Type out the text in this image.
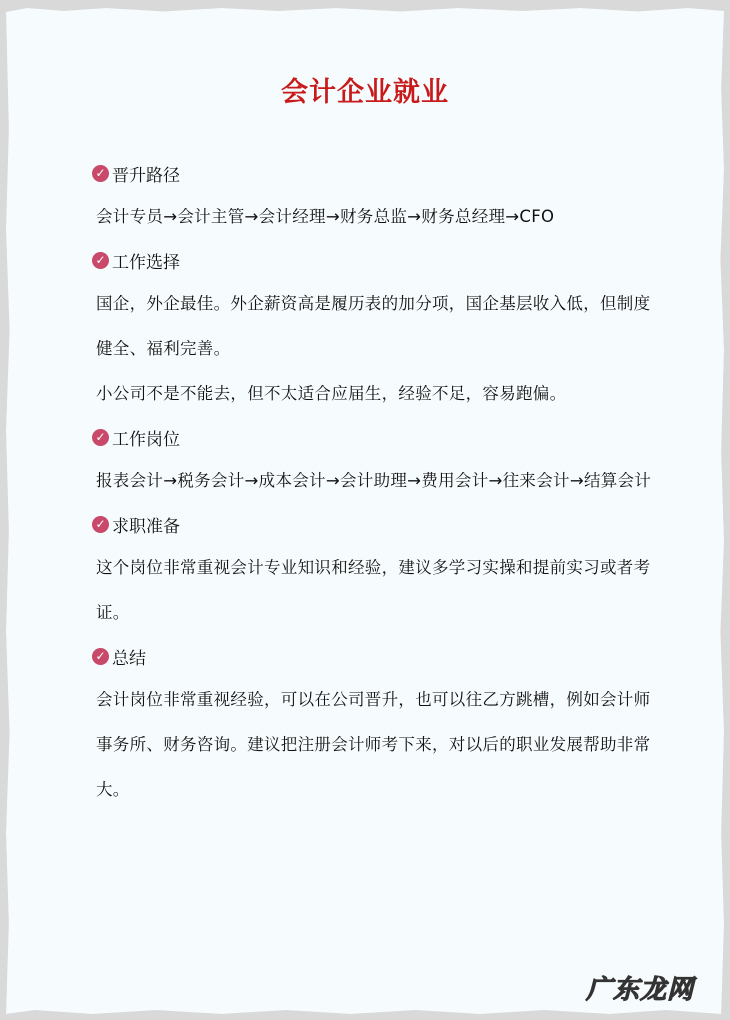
会计企业就业
✓ 晋升路径

会计专员→会计主管→会计经理→财务总监→财务总经理→CFO

✓ 工作选择

国企，外企最佳。外企薪资高是履历表的加分项，国企基层收入低，但制度健全、福利完善。

小公司不是不能去，但不太适合应届生，经验不足，容易跑偏。

✓ 工作岗位

报表会计→税务会计→成本会计→会计助理→费用会计→往来会计→结算会计

✓ 求职准备

这个岗位非常重视会计专业知识和经验，建议多学习实操和提前实习或者考证。

✓ 总结

会计岗位非常重视经验，可以在公司晋升，也可以往乙方跳槽，例如会计师事务所、财务咨询。建议把注册会计师考下来，对以后的职业发展帮助非常大。

广东龙网
